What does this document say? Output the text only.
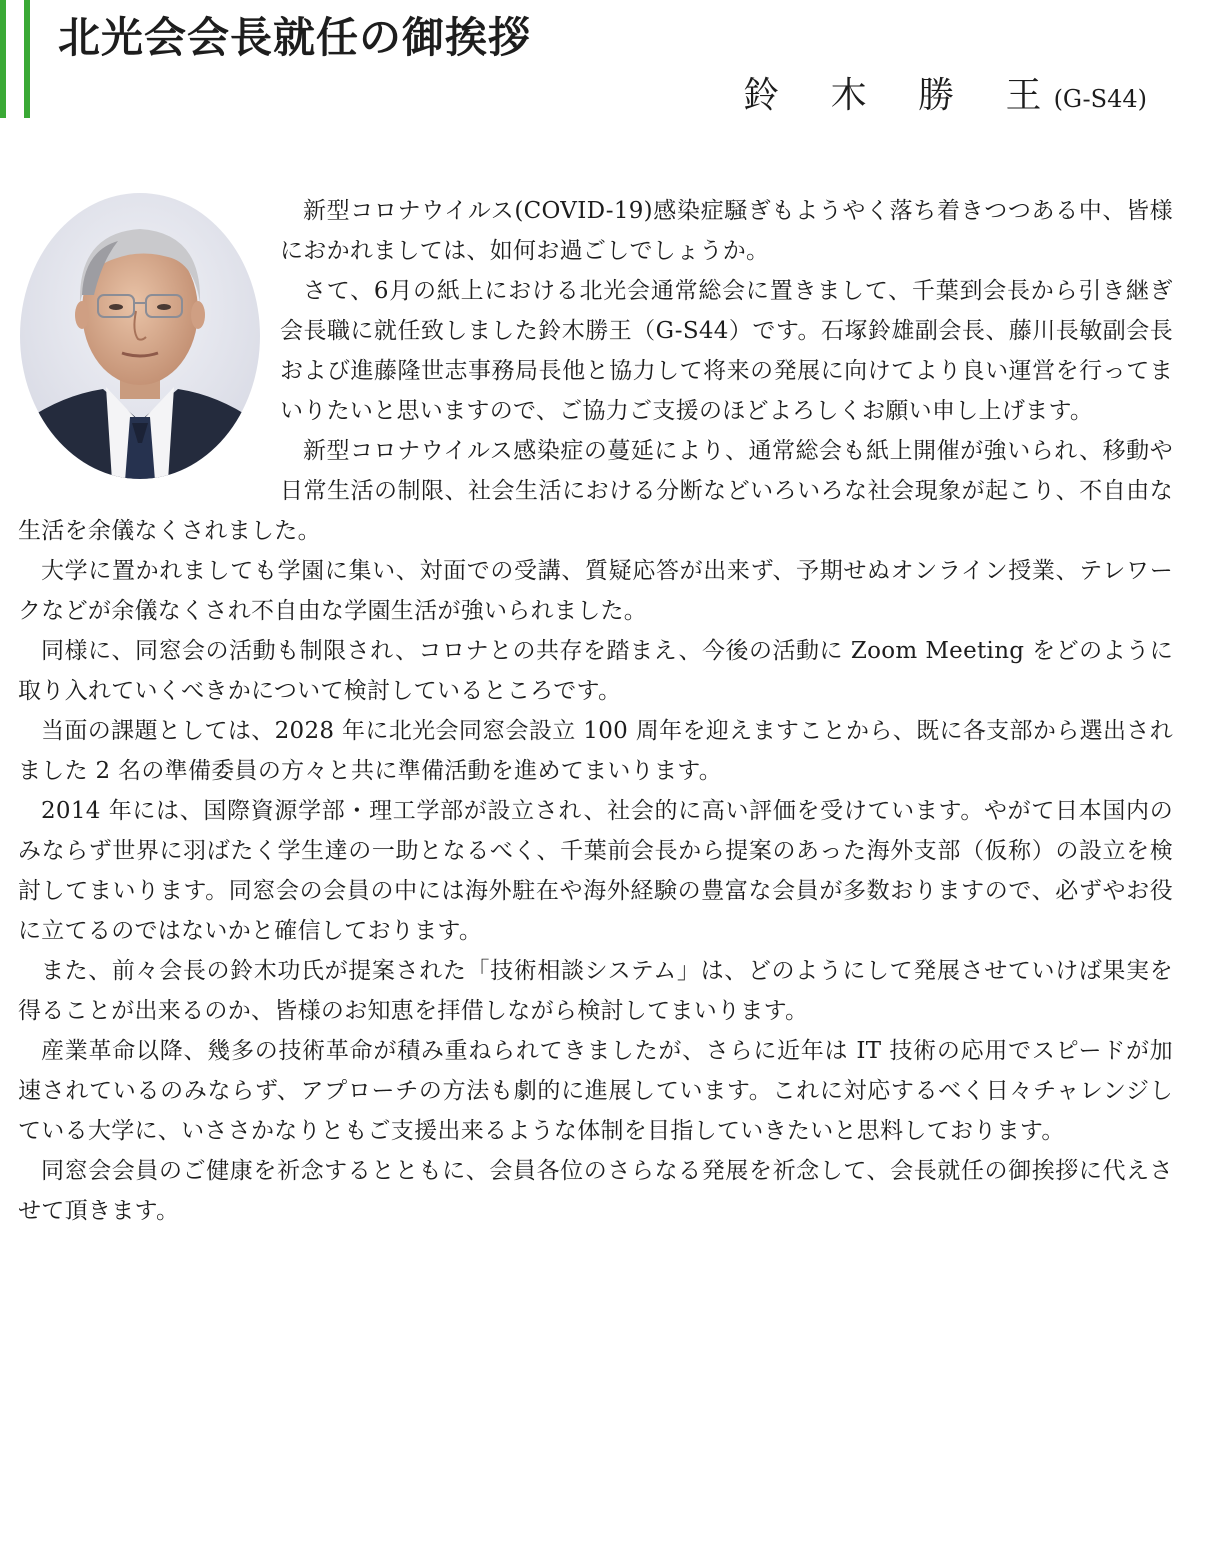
北光会会長就任の御挨拶
鈴 木 勝 王(G-S44)

新型コロナウイルス(COVID-19)感染症騒ぎもようやく落ち着きつつある中、皆様におかれましては、如何お過ごしでしょうか。

さて、6月の紙上における北光会通常総会に置きまして、千葉到会長から引き継ぎ会長職に就任致しました鈴木勝王（G-S44）です。石塚鈴雄副会長、藤川長敏副会長および進藤隆世志事務局長他と協力して将来の発展に向けてより良い運営を行ってまいりたいと思いますので、ご協力ご支援のほどよろしくお願い申し上げます。

新型コロナウイルス感染症の蔓延により、通常総会も紙上開催が強いられ、移動や日常生活の制限、社会生活における分断などいろいろな社会現象が起こり、不自由な生活を余儀なくされました。

大学に置かれましても学園に集い、対面での受講、質疑応答が出来ず、予期せぬオンライン授業、テレワークなどが余儀なくされ不自由な学園生活が強いられました。

同様に、同窓会の活動も制限され、コロナとの共存を踏まえ、今後の活動に Zoom Meeting をどのように取り入れていくべきかについて検討しているところです。

当面の課題としては、2028 年に北光会同窓会設立 100 周年を迎えますことから、既に各支部から選出されました 2 名の準備委員の方々と共に準備活動を進めてまいります。

2014 年には、国際資源学部・理工学部が設立され、社会的に高い評価を受けています。やがて日本国内のみならず世界に羽ばたく学生達の一助となるべく、千葉前会長から提案のあった海外支部（仮称）の設立を検討してまいります。同窓会の会員の中には海外駐在や海外経験の豊富な会員が多数おりますので、必ずやお役に立てるのではないかと確信しております。

また、前々会長の鈴木功氏が提案された「技術相談システム」は、どのようにして発展させていけば果実を得ることが出来るのか、皆様のお知恵を拝借しながら検討してまいります。

産業革命以降、幾多の技術革命が積み重ねられてきましたが、さらに近年は IT 技術の応用でスピードが加速されているのみならず、アプローチの方法も劇的に進展しています。これに対応するべく日々チャレンジしている大学に、いささかなりともご支援出来るような体制を目指していきたいと思料しております。

同窓会会員のご健康を祈念するとともに、会員各位のさらなる発展を祈念して、会長就任の御挨拶に代えさせて頂きます。
